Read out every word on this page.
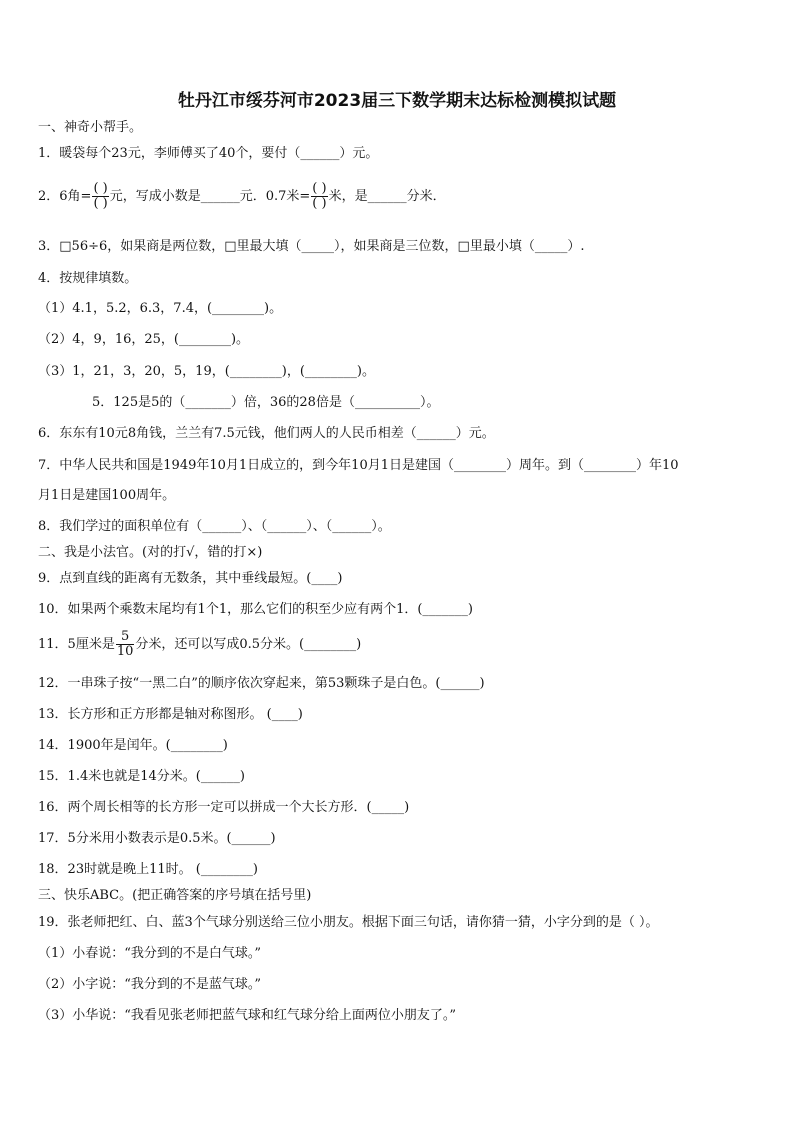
牡丹江市绥芬河市2023届三下数学期末达标检测模拟试题
一、神奇小帮手。
1．暖袋每个23元，李师傅买了40个，要付（______）元。
2．6角= $\frac{( )}{( )}$ 元，写成小数是______元．0.7米= $\frac{( )}{( )}$ 米，是______分米．
3．□56÷6，如果商是两位数，□里最大填（_____），如果商是三位数，□里最小填（_____）.
4．按规律填数。
（1）4.1，5.2，6.3，7.4，(________)。
（2）4，9，16，25，(________)。
（3）1，21，3，20，5，19，(________)，(________)。
5．125是5的（_______）倍，36的28倍是（__________）。
6．东东有10元8角钱，兰兰有7.5元钱，他们两人的人民币相差（______）元。
7．中华人民共和国是1949年10月1日成立的，到今年10月1日是建国（________）周年。到（________）年10
月1日是建国100周年。
8．我们学过的面积单位有（______）、（______）、（______）。
二、我是小法官。(对的打√，错的打×)
9．点到直线的距离有无数条，其中垂线最短。(____)
10．如果两个乘数末尾均有1个1，那么它们的积至少应有两个1．(_______)
11．5厘米是 $\frac{5}{10}$ 分米，还可以写成0.5分米。(________)
12．一串珠子按“一黑二白”的顺序依次穿起来，第53颗珠子是白色。(______)
13．长方形和正方形都是轴对称图形。 (____)
14．1900年是闰年。(________)
15．1.4米也就是14分米。(______)
16．两个周长相等的长方形一定可以拼成一个大长方形．(_____)
17．5分米用小数表示是0.5米。(______)
18．23时就是晚上11时。 (________)
三、快乐ABC。(把正确答案的序号填在括号里)
19．张老师把红、白、蓝3个气球分别送给三位小朋友。根据下面三句话，请你猜一猜，小字分到的是（ ）。
（1）小春说：“我分到的不是白气球。”
（2）小字说：“我分到的不是蓝气球。”
（3）小华说：“我看见张老师把蓝气球和红气球分给上面两位小朋友了。”
